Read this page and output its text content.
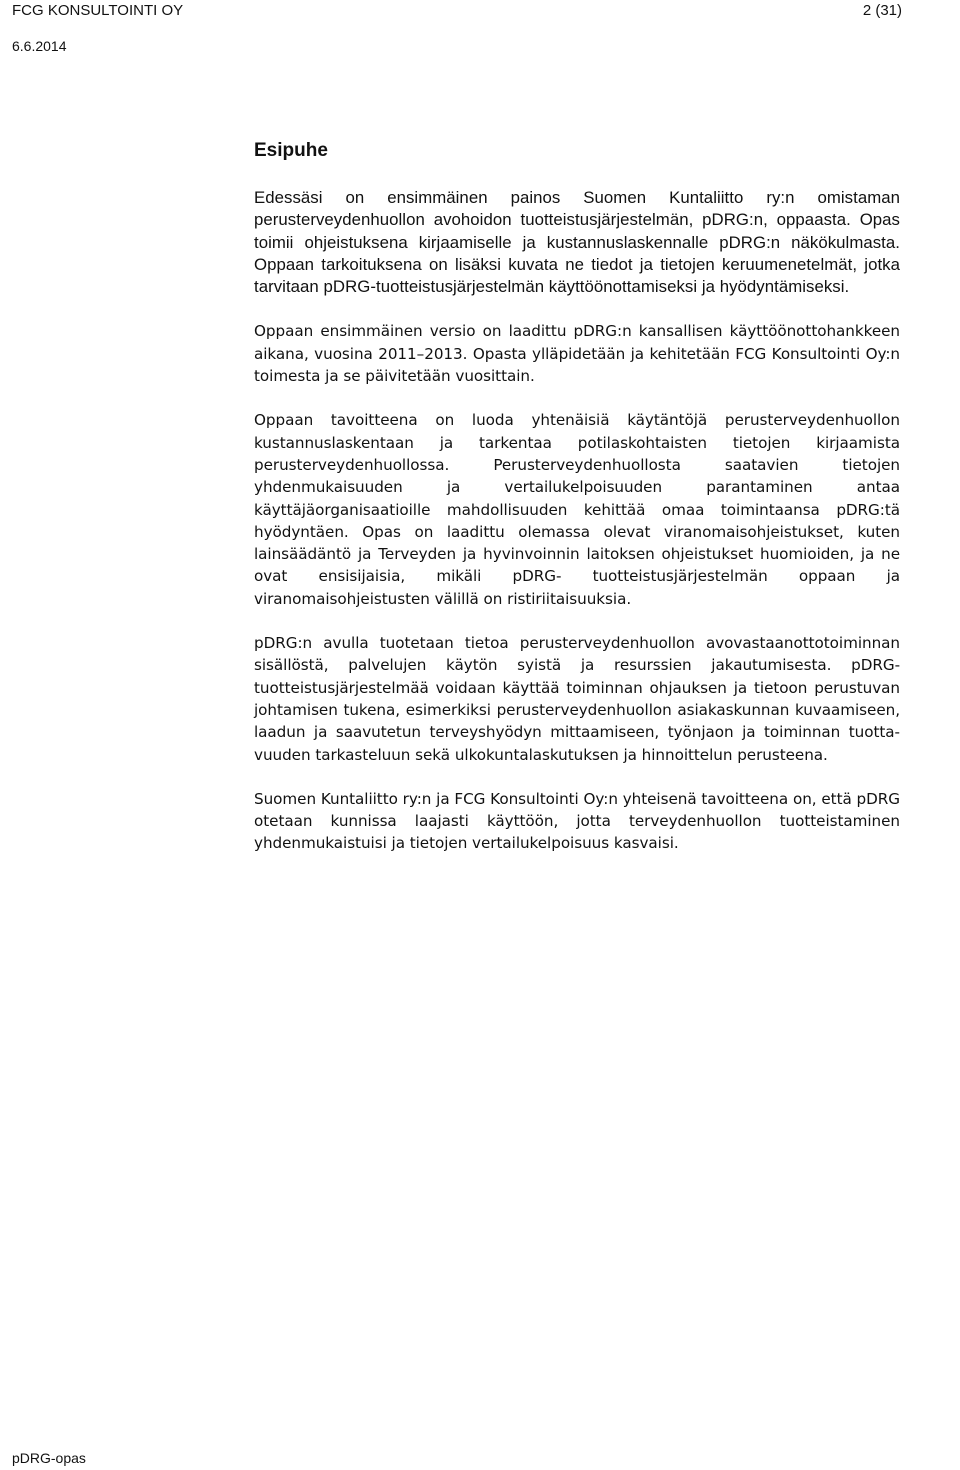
FCG KONSULTOINTI OY
6.6.2014
2 (31)
Esipuhe

Edessäsi on ensimmäinen painos Suomen Kuntaliitto ry:n omistaman perusterveydenhuollon avohoidon tuotteistusjärjestelmän, pDRG:n, oppaasta. Opas toimii ohjeistuksena kirjaamiselle ja kustannuslaskennalle pDRG:n näkökulmasta. Oppaan tarkoituksena on lisäksi kuvata ne tiedot ja tietojen keruumenetelmät, jotka tarvitaan pDRG-tuotteistusjärjestelmän käyttöönottamiseksi ja hyödyntämiseksi.

Oppaan ensimmäinen versio on laadittu pDRG:n kansallisen käyttöönottohankkeen aikana, vuosina 2011–2013. Opasta ylläpidetään ja kehitetään FCG Konsultointi Oy:n toimesta ja se päivitetään vuosittain.

Oppaan tavoitteena on luoda yhtenäisiä käytäntöjä perusterveydenhuollon kustannuslaskentaan ja tarkentaa potilaskohtaisten tietojen kirjaamista perusterveydenhuollossa. Perusterveydenhuollosta saatavien tietojen yhdenmukaisuuden ja vertailukelpoisuuden parantaminen antaa käyttäjäorganisaatioille mahdollisuuden kehittää omaa toimintaansa pDRG:tä hyödyntäen. Opas on laadittu olemassa olevat viranomaisohjeistukset, kuten lainsäädäntö ja Terveyden ja hyvinvoinnin laitoksen ohjeistukset huomioiden, ja ne ovat ensisijaisia, mikäli pDRG- tuotteistusjärjestelmän oppaan ja viranomaisohjeistusten välillä on ristiriitaisuuksia.

pDRG:n avulla tuotetaan tietoa perusterveydenhuollon avovastaanottotoiminnan sisällöstä, palvelujen käytön syistä ja resurssien jakautumisesta. pDRG-tuotteistusjärjestelmää voidaan käyttää toiminnan ohjauksen ja tietoon perustuvan johtamisen tukena, esimerkiksi perusterveydenhuollon asiakaskunnan kuvaamiseen, laadun ja saavutetun terveyshyödyn mittaamiseen, työnjaon ja toiminnan tuottavuuden tarkasteluun sekä ulkokuntalaskutuksen ja hinnoittelun perusteena.

Suomen Kuntaliitto ry:n ja FCG Konsultointi Oy:n yhteisenä tavoitteena on, että pDRG otetaan kunnissa laajasti käyttöön, jotta terveydenhuollon tuotteistaminen yhdenmukaistuisi ja tietojen vertailukelpoisuus kasvaisi.

pDRG-opas
